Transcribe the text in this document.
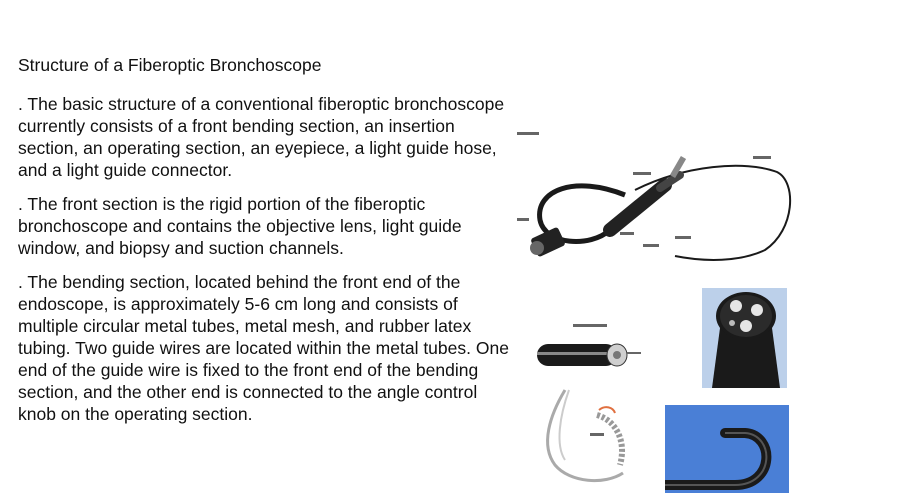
Structure of a Fiberoptic Bronchoscope
. The basic structure of a conventional fiberoptic bronchoscope currently consists of a front bending section, an insertion section, an operating section, an eyepiece, a light guide hose, and a light guide connector.
. The front section is the rigid portion of the fiberoptic bronchoscope and contains the objective lens, light guide window, and biopsy and suction channels.
. The bending section, located behind the front end of the endoscope, is approximately 5-6 cm long and consists of multiple circular metal tubes, metal mesh, and rubber latex tubing. Two guide wires are located within the metal tubes. One end of the guide wire is fixed to the front end of the bending section, and the other end is connected to the angle control knob on the operating section.
